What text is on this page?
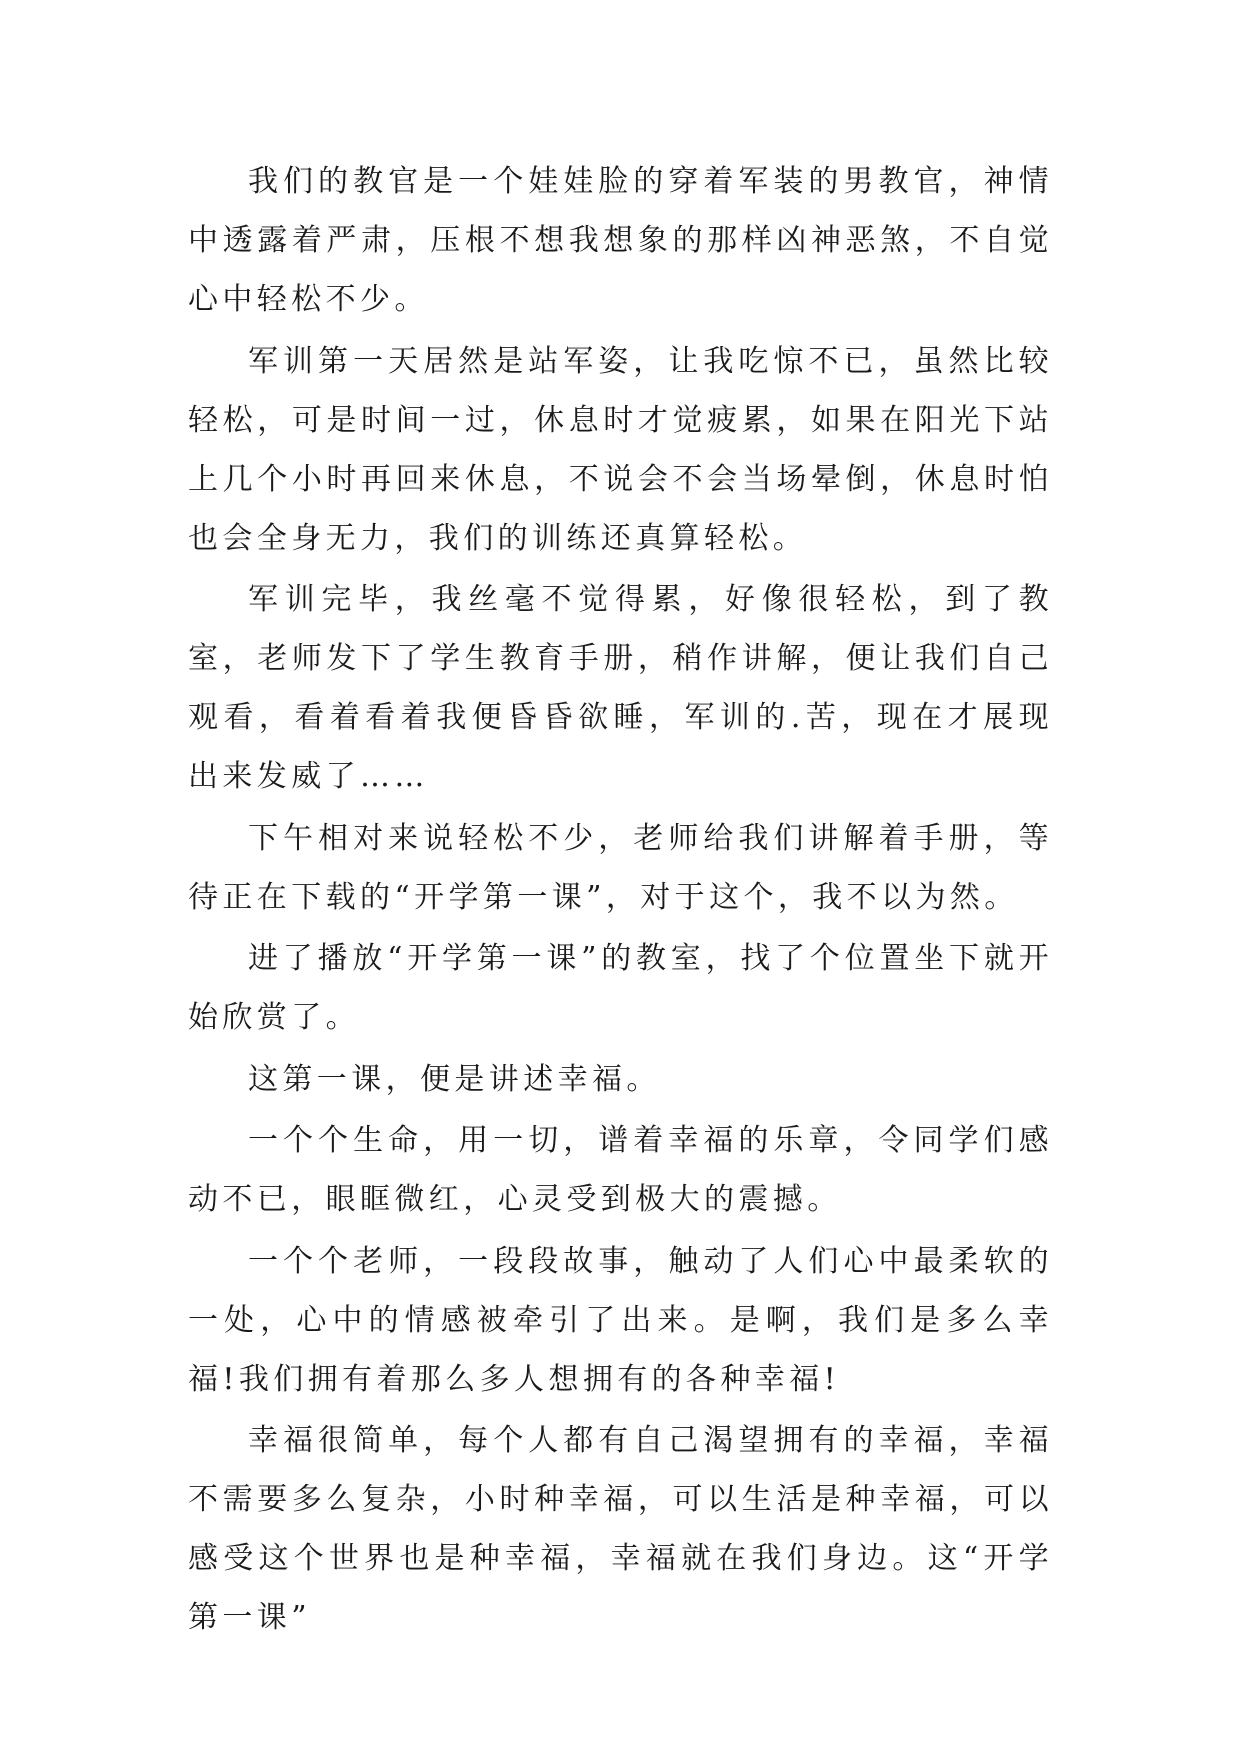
我们的教官是一个娃娃脸的穿着军装的男教官，神情中透露着严肃，压根不想我想象的那样凶神恶煞，不自觉心中轻松不少。

军训第一天居然是站军姿，让我吃惊不已，虽然比较轻松，可是时间一过，休息时才觉疲累，如果在阳光下站上几个小时再回来休息，不说会不会当场晕倒，休息时怕也会全身无力，我们的训练还真算轻松。

军训完毕，我丝毫不觉得累，好像很轻松，到了教室，老师发下了学生教育手册，稍作讲解，便让我们自己观看，看着看着我便昏昏欲睡，军训的.苦，现在才展现出来发威了……

下午相对来说轻松不少，老师给我们讲解着手册，等待正在下载的“开学第一课”，对于这个，我不以为然。

进了播放“开学第一课”的教室，找了个位置坐下就开始欣赏了。

这第一课，便是讲述幸福。

一个个生命，用一切，谱着幸福的乐章，令同学们感动不已，眼眶微红，心灵受到极大的震撼。

一个个老师，一段段故事，触动了人们心中最柔软的一处，心中的情感被牵引了出来。是啊，我们是多么幸福!我们拥有着那么多人想拥有的各种幸福!

幸福很简单，每个人都有自己渴望拥有的幸福，幸福不需要多么复杂，小时种幸福，可以生活是种幸福，可以感受这个世界也是种幸福，幸福就在我们身边。这“开学第一课”
